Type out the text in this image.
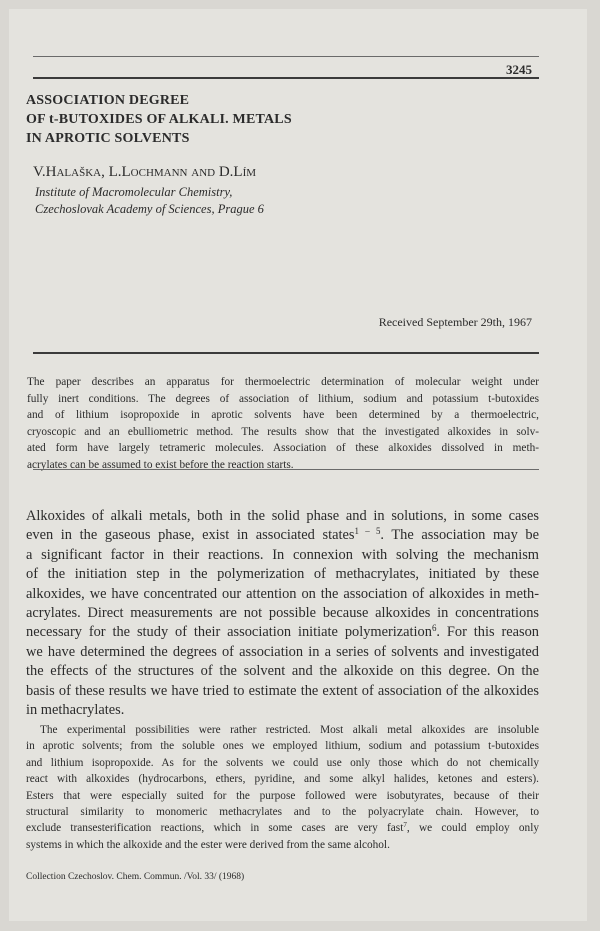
3245
ASSOCIATION DEGREE
OF t-BUTOXIDES OF ALKALI. METALS
IN APROTIC SOLVENTS
V.Halaška, L.Lochmann and D.Lím
Institute of Macromolecular Chemistry,
Czechoslovak Academy of Sciences, Prague 6
Received September 29th, 1967
The paper describes an apparatus for thermoelectric determination of molecular weight under
fully inert conditions. The degrees of association of lithium, sodium and potassium t-butoxides
and of lithium isopropoxide in aprotic solvents have been determined by a thermoelectric,
cryoscopic and an ebulliometric method. The results show that the investigated alkoxides in solv-
ated form have largely tetrameric molecules. Association of these alkoxides dissolved in meth-
acrylates can be assumed to exist before the reaction starts.
Alkoxides of alkali metals, both in the solid phase and in solutions, in some cases
even in the gaseous phase, exist in associated states$^{1 - 5}$. The association may be
a significant factor in their reactions. In connexion with solving the mechanism
of the initiation step in the polymerization of methacrylates, initiated by these
alkoxides, we have concentrated our attention on the association of alkoxides in meth-
acrylates. Direct measurements are not possible because alkoxides in concentrations
necessary for the study of their association initiate polymerization$^6$. For this reason
we have determined the degrees of association in a series of solvents and investigated
the effects of the structures of the solvent and the alkoxide on this degree. On the
basis of these results we have tried to estimate the extent of association of the alkoxides
in methacrylates.
The experimental possibilities were rather restricted. Most alkali metal alkoxides are insoluble
in aprotic solvents; from the soluble ones we employed lithium, sodium and potassium t-butoxides
and lithium isopropoxide. As for the solvents we could use only those which do not chemically
react with alkoxides (hydrocarbons, ethers, pyridine, and some alkyl halides, ketones and esters).
Esters that were especially suited for the purpose followed were isobutyrates, because of their
structural similarity to monomeric methacrylates and to the polyacrylate chain. However, to
exclude transesterification reactions, which in some cases are very fast$^7$, we could employ only
systems in which the alkoxide and the ester were derived from the same alcohol.
Collection Czechoslov. Chem. Commun. /Vol. 33/ (1968)
